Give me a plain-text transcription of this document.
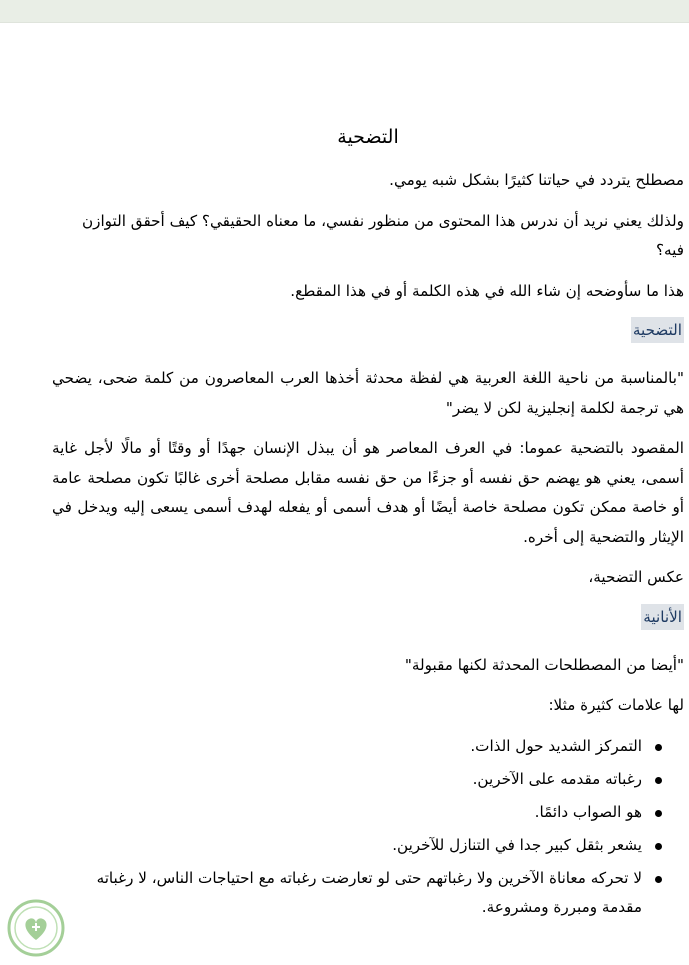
التضحية

مصطلح يتردد في حياتنا كثيرًا بشكل شبه يومي.

ولذلك يعني نريد أن ندرس هذا المحتوى من منظور نفسي، ما معناه الحقيقي؟ كيف أحقق التوازن فيه؟

هذا ما سأوضحه إن شاء الله في هذه الكلمة أو في هذا المقطع.

التضحية

"بالمناسبة من ناحية اللغة العربية هي لفظة محدثة أخذها العرب المعاصرون من كلمة ضحى، يضحي هي ترجمة لكلمة إنجليزية لكن لا يضر"

المقصود بالتضحية عموما: في العرف المعاصر هو أن يبذل الإنسان جهدًا أو وقتًا أو مالًا لأجل غاية أسمى، يعني هو يهضم حق نفسه أو جزءًا من حق نفسه مقابل مصلحة أخرى غالبًا تكون مصلحة عامة أو خاصة ممكن تكون مصلحة خاصة أيضًا أو هدف أسمى أو يفعله لهدف أسمى يسعى إليه ويدخل في الإيثار والتضحية إلى أخره.

عكس التضحية،

الأنانية

"أيضا من المصطلحات المحدثة لكنها مقبولة"

لها علامات كثيرة مثلا:

التمركز الشديد حول الذات.
رغباته مقدمه على الآخرين.
هو الصواب دائمًا.
يشعر بثقل كبير جدا في التنازل للآخرين.
لا تحركه معاناة الآخرين ولا رغباتهم حتى لو تعارضت رغباته مع احتياجات الناس، لا رغباته مقدمة ومبررة ومشروعة.
